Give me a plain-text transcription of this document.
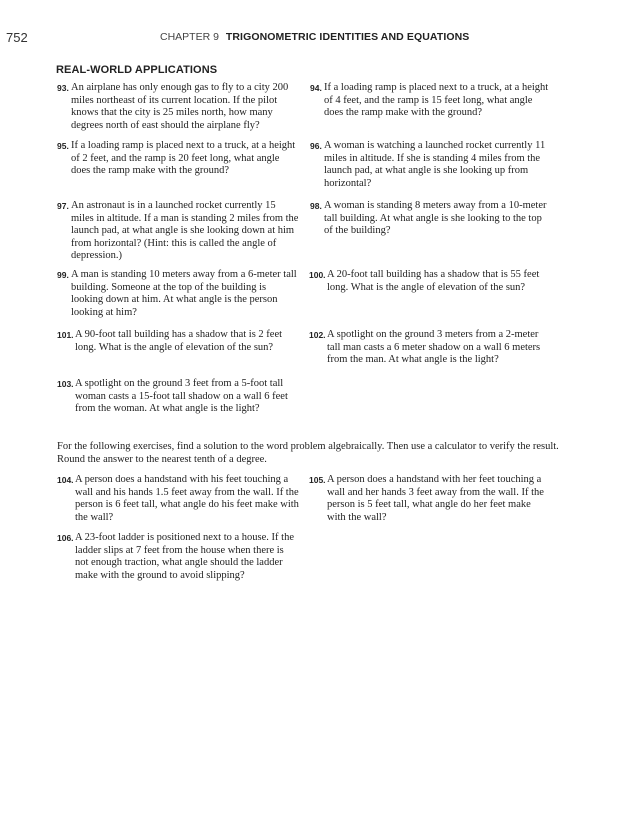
752	CHAPTER 9 TRIGONOMETRIC IDENTITIES AND EQUATIONS
REAL-WORLD APPLICATIONS
93. An airplane has only enough gas to fly to a city 200 miles northeast of its current location. If the pilot knows that the city is 25 miles north, how many degrees north of east should the airplane fly?
94. If a loading ramp is placed next to a truck, at a height of 4 feet, and the ramp is 15 feet long, what angle does the ramp make with the ground?
95. If a loading ramp is placed next to a truck, at a height of 2 feet, and the ramp is 20 feet long, what angle does the ramp make with the ground?
96. A woman is watching a launched rocket currently 11 miles in altitude. If she is standing 4 miles from the launch pad, at what angle is she looking up from horizontal?
97. An astronaut is in a launched rocket currently 15 miles in altitude. If a man is standing 2 miles from the launch pad, at what angle is she looking down at him from horizontal? (Hint: this is called the angle of depression.)
98. A woman is standing 8 meters away from a 10-meter tall building. At what angle is she looking to the top of the building?
99. A man is standing 10 meters away from a 6-meter tall building. Someone at the top of the building is looking down at him. At what angle is the person looking at him?
100. A 20-foot tall building has a shadow that is 55 feet long. What is the angle of elevation of the sun?
101. A 90-foot tall building has a shadow that is 2 feet long. What is the angle of elevation of the sun?
102. A spotlight on the ground 3 meters from a 2-meter tall man casts a 6 meter shadow on a wall 6 meters from the man. At what angle is the light?
103. A spotlight on the ground 3 feet from a 5-foot tall woman casts a 15-foot tall shadow on a wall 6 feet from the woman. At what angle is the light?
For the following exercises, find a solution to the word problem algebraically. Then use a calculator to verify the result. Round the answer to the nearest tenth of a degree.
104. A person does a handstand with his feet touching a wall and his hands 1.5 feet away from the wall. If the person is 6 feet tall, what angle do his feet make with the wall?
105. A person does a handstand with her feet touching a wall and her hands 3 feet away from the wall. If the person is 5 feet tall, what angle do her feet make with the wall?
106. A 23-foot ladder is positioned next to a house. If the ladder slips at 7 feet from the house when there is not enough traction, what angle should the ladder make with the ground to avoid slipping?
